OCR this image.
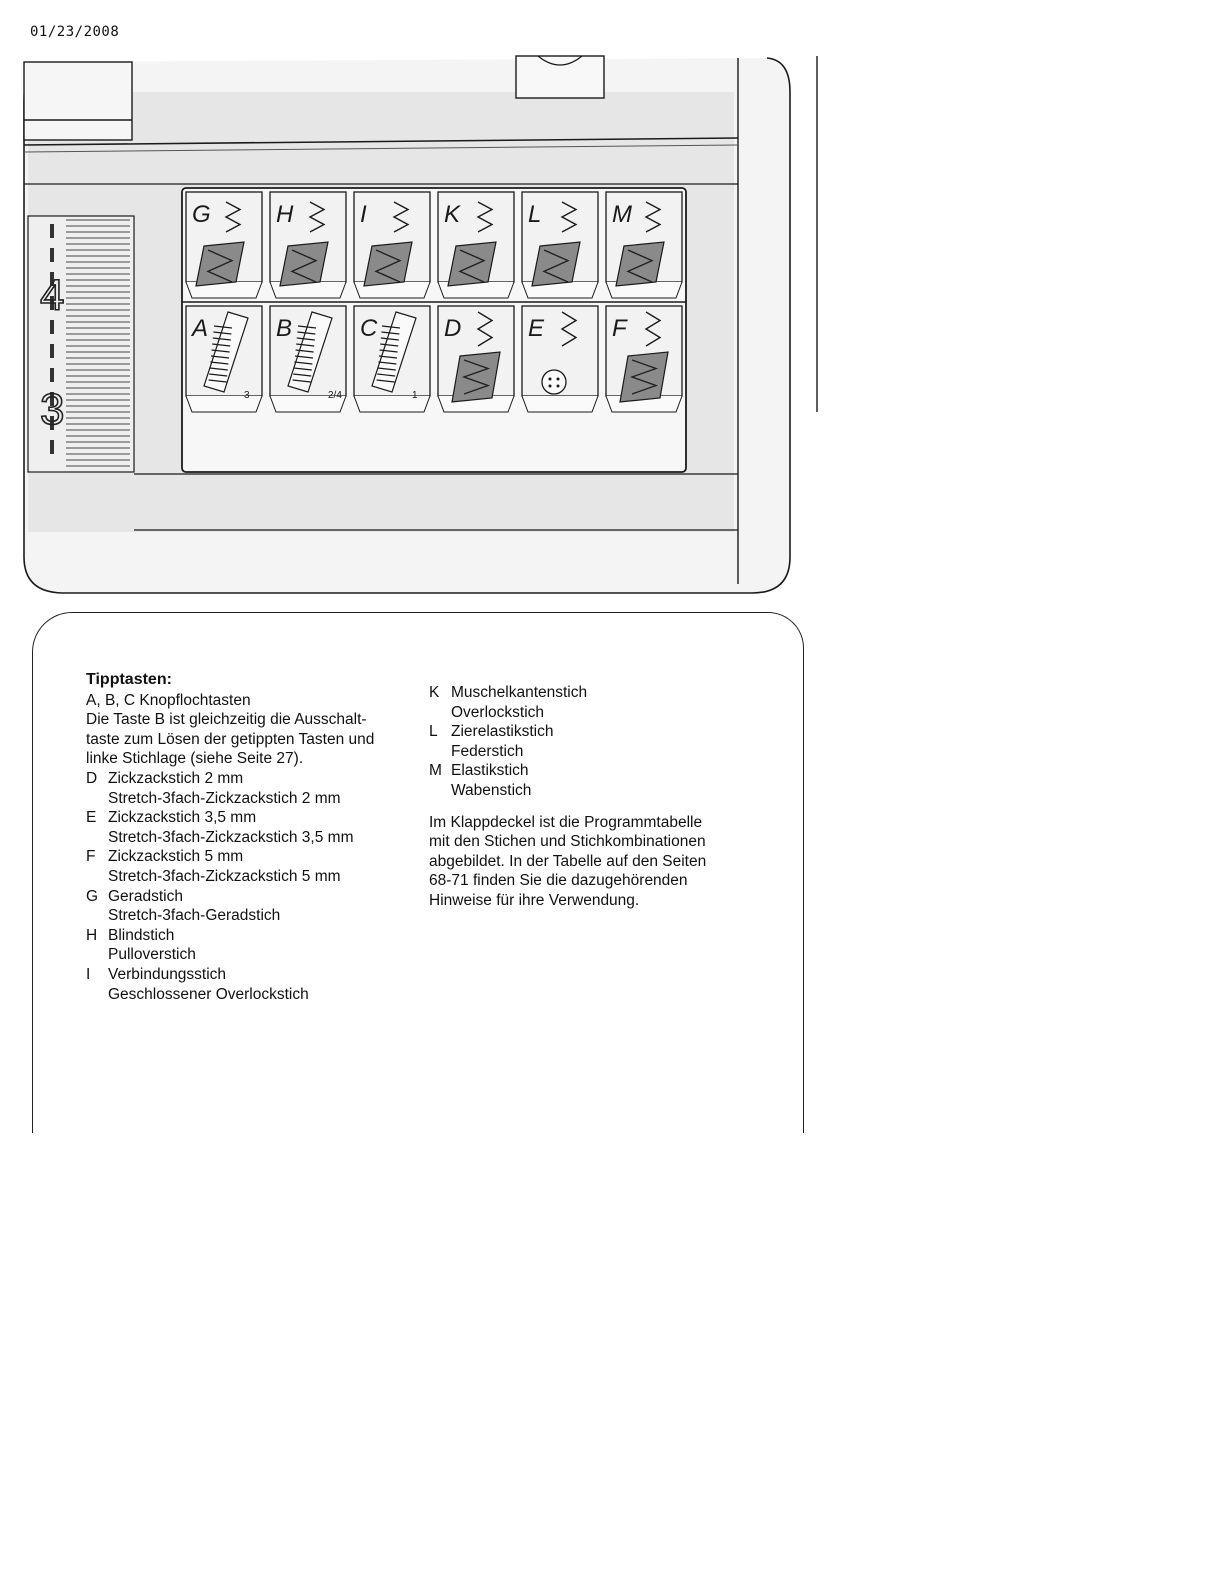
01/23/2008
4
3
G	H	I	K	L	M
A
3
B
2/4
C
1
D	E	F
Tipptasten:
A, B, C Knopflochtasten
Die Taste B ist gleichzeitig die Ausschalt-
taste zum Lösen der getippten Tasten und
linke Stichlage (siehe Seite 27).
D Zickzackstich 2 mm
Stretch-3fach-Zickzackstich 2 mm
E Zickzackstich 3,5 mm
Stretch-3fach-Zickzackstich 3,5 mm
F Zickzackstich 5 mm
Stretch-3fach-Zickzackstich 5 mm
G Geradstich
Stretch-3fach-Geradstich
H Blindstich
Pulloverstich
I	Verbindungsstich
Geschlossener Overlockstich
K Muschelkantenstich
Overlockstich
L Zierelastikstich
Federstich
M Elastikstich
Wabenstich
Im Klappdeckel ist die Programmtabelle
mit den Stichen und Stichkombinationen
abgebildet. In der Tabelle auf den Seiten
68-71 finden Sie die dazugehörenden
Hinweise für ihre Verwendung.
